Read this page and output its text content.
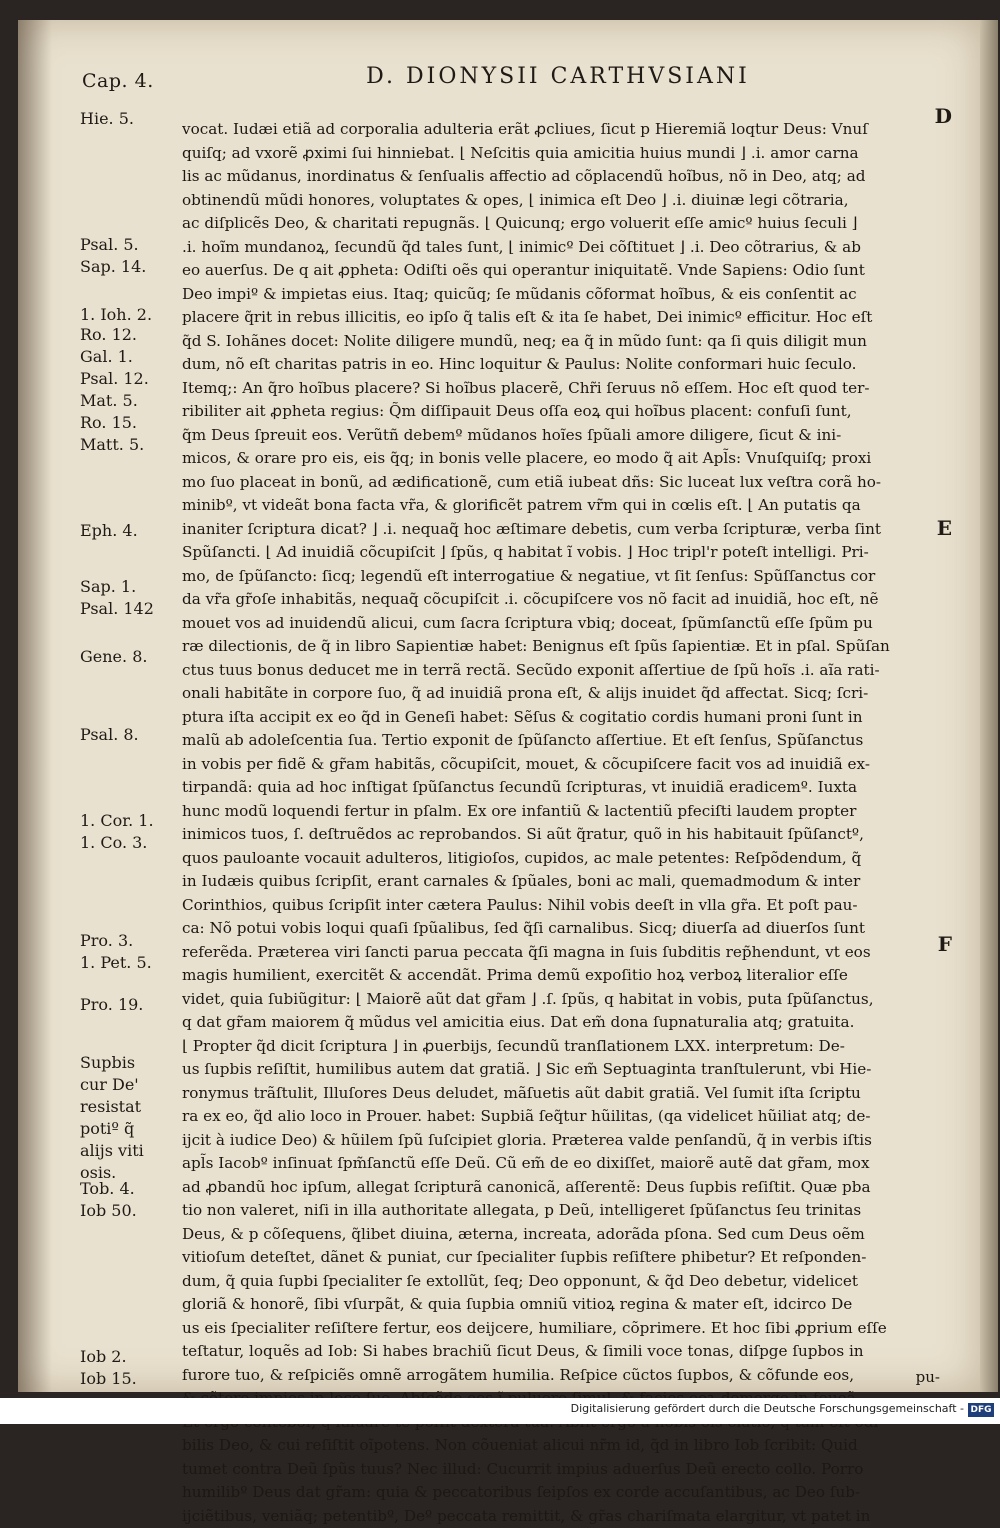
Cap. 4.	D. DIONYSII CARTHVSIANI
D
E
F
Hie. 5.
Psal. 5.
Sap. 14.
1. Ioh. 2.
Ro. 12.
Gal. 1.
Psal. 12.
Mat. 5.
Ro. 15.
Matt. 5.
Eph. 4.
Sap. 1.
Psal. 142
Gene. 8.
Psal. 8.
1. Cor. 1.
1. Co. 3.
Pro. 3.
1. Pet. 5.
Pro. 19.
Supbis cur De' resistat potiº q̃ alijs viti osis.
Tob. 4.
Iob 50.
Iob 2.
Iob 15.
vocat. Iudæi etiã ad corporalia adulteria erãt ꝓcliues, ſicut p Hieremiã loqtur Deus: Vnuſ
quiſq; ad vxorẽ ꝓximi ſui hinniebat. ⌊ Neſcitis quia amicitia huius mundi ⌋ .i. amor carna
lis ac mũdanus, inordinatus & ſenſualis affectio ad cõplacendũ hoĩbus, nõ in Deo, atq; ad
obtinendũ mũdi honores, voluptates & opes, ⌊ inimica eſt Deo ⌋ .i. diuinæ legi cõtraria,
ac diſplicẽs Deo, & charitati repugnãs. ⌊ Quicunq; ergo voluerit eſſe amicº huius ſeculi ⌋
.i. hoĩm mundanoꝝ, ſecundũ q̃d tales ſunt, ⌊ inimicº Dei cõſtituet ⌋ .i. Deo cõtrarius, & ab
eo auerſus. De q ait ꝓpheta: Odiſti oẽs qui operantur iniquitatẽ. Vnde Sapiens: Odio ſunt
Deo impiº & impietas eius. Itaq; quicũq; ſe mũdanis cõformat hoĩbus, & eis conſentit ac
placere q̃rit in rebus illicitis, eo ipſo q̃ talis eſt & ita ſe habet, Dei inimicº efficitur. Hoc eſt
q̃d S. Iohãnes docet: Nolite diligere mundũ, neq; ea q̃ in mũdo ſunt: qa ſi quis diligit mun
dum, nõ eſt charitas patris in eo. Hinc loquitur & Paulus: Nolite conformari huic ſeculo.
Itemq;: An q̃ro hoĩbus placere? Si hoĩbus placerẽ, Chr̃i ſeruus nõ eſſem. Hoc eſt quod ter-
ribiliter ait ꝓpheta regius: Q̃m diſſipauit Deus oſſa eoꝝ qui hoĩbus placent: confuſi ſunt,
q̃m Deus ſpreuit eos. Verũtñ debemº mũdanos hoĩes ſpũali amore diligere, ſicut & ini-
micos, & orare pro eis, eis q̃q; in bonis velle placere, eo modo q̃ ait Apl̃s: Vnuſquiſq; proxi
mo ſuo placeat in bonũ, ad ædificationẽ, cum etiã iubeat dñs: Sic luceat lux veſtra corã ho-
minibº, vt videãt bona facta vr̃a, & glorificẽt patrem vr̃m qui in cœlis eſt. ⌊ An putatis qa
inaniter ſcriptura dicat? ⌋ .i. nequaq̃ hoc æſtimare debetis, cum verba ſcripturæ, verba ſint
Spũſancti. ⌊ Ad inuidiã cõcupiſcit ⌋ ſpũs, q habitat ĩ vobis. ⌋ Hoc tripl'r poteſt intelligi. Pri-
mo, de ſpũſancto: ſicq; legendũ eſt interrogatiue & negatiue, vt ſit ſenſus: Spũſſanctus cor
da vr̃a gr̃oſe inhabitãs, nequaq̃ cõcupiſcit .i. cõcupiſcere vos nõ facit ad inuidiã, hoc eſt, nẽ
mouet vos ad inuidendũ alicui, cum ſacra ſcriptura vbiq; doceat, ſpũmſanctũ eſſe ſpũm pu
ræ dilectionis, de q̃ in libro Sapientiæ habet: Benignus eſt ſpũs ſapientiæ. Et in pſal. Spũſan
ctus tuus bonus deducet me in terrã rectã. Secũdo exponit aſſertiue de ſpũ hoĩs .i. aĩa rati-
onali habitãte in corpore ſuo, q̃ ad inuidiã prona eſt, & alijs inuidet q̃d affectat. Sicq; ſcri-
ptura iſta accipit ex eo q̃d in Geneſi habet: Sẽſus & cogitatio cordis humani proni ſunt in
malũ ab adoleſcentia ſua. Tertio exponit de ſpũſancto aſſertiue. Et eſt ſenſus, Spũſanctus
in vobis per fidẽ & gr̃am habitãs, cõcupiſcit, mouet, & cõcupiſcere facit vos ad inuidiã ex-
tirpandã: quia ad hoc inſtigat ſpũſanctus ſecundũ ſcripturas, vt inuidiã eradicemº. Iuxta
hunc modũ loquendi fertur in pſalm. Ex ore infantiũ & lactentiũ pfeciſti laudem propter
inimicos tuos, ſ. deſtruẽdos ac reprobandos. Si aũt q̃ratur, quõ in his habitauit ſpũſanctº,
quos pauloante vocauit adulteros, litigioſos, cupidos, ac male petentes: Reſpõdendum, q̃
in Iudæis quibus ſcripſit, erant carnales & ſpũales, boni ac mali, quemadmodum & inter
Corinthios, quibus ſcripſit inter cætera Paulus: Nihil vobis deeſt in vlla gr̃a. Et poſt pau-
ca: Nõ potui vobis loqui quaſi ſpũalibus, ſed q̃ſi carnalibus. Sicq; diuerſa ad diuerſos ſunt
referẽda. Præterea viri ſancti parua peccata q̃ſi magna in ſuis ſubditis rep̃hendunt, vt eos
magis humilient, exercitẽt & accendãt. Prima demũ expoſitio hoꝝ verboꝝ literalior eſſe
videt, quia ſubiũgitur: ⌊ Maiorẽ aũt dat gr̃am ⌋ .ſ. ſpũs, q habitat in vobis, puta ſpũſanctus,
q dat gr̃am maiorem q̃ mũdus vel amicitia eius. Dat em̃ dona ſupnaturalia atq; gratuita.
⌊ Propter q̃d dicit ſcriptura ⌋ in ꝓuerbijs, ſecundũ tranſlationem LXX. interpretum: De-
us ſupbis reſiſtit, humilibus autem dat gratiã. ⌋ Sic em̃ Septuaginta tranſtulerunt, vbi Hie-
ronymus trãſtulit, Illuſores Deus deludet, mãſuetis aũt dabit gratiã. Vel ſumit iſta ſcriptu
ra ex eo, q̃d alio loco in Prouer. habet: Supbiã ſeq̃tur hũilitas, (qa videlicet hũiliat atq; de-
ijcit à iudice Deo) & hũilem ſpũ ſuſcipiet gloria. Præterea valde penſandũ, q̃ in verbis iſtis
apl̃s Iacobº inſinuat ſpm̃ſanctũ eſſe Deũ. Cũ em̃ de eo dixiſſet, maiorẽ autẽ dat gr̃am, mox
ad ꝓbandũ hoc ipſum, allegat ſcripturã canonicã, aſſerentẽ: Deus ſupbis reſiſtit. Quæ pba
tio non valeret, niſi in illa authoritate allegata, p Deũ, intelligeret ſpũſanctus ſeu trinitas
Deus, & p cõſequens, q̃libet diuina, æterna, increata, adorãda pſona. Sed cum Deus oẽm
vitioſum deteſtet, dãnet & puniat, cur ſpecialiter ſupbis reſiſtere phibetur? Et reſponden-
dum, q̃ quia ſupbi ſpecialiter ſe extollũt, ſeq; Deo opponunt, & q̃d Deo debetur, videlicet
gloriã & honorẽ, ſibi vſurpãt, & quia ſupbia omniũ vitioꝝ regina & mater eſt, idcirco De
us eis ſpecialiter reſiſtere fertur, eos deijcere, humiliare, cõprimere. Et hoc ſibi ꝓprium eſſe
teſtatur, loquẽs ad Iob: Si habes brachiũ ſicut Deus, & ſimili voce tonas, diſpge ſupbos in
furore tuo, & reſpiciẽs omnẽ arrogãtem humilia. Reſpice cũctos ſupbos, & cõfunde eos,
bilis Deo, & cui reſiſtit oĩpotens. Non cõueniat alicui nr̃m id, q̃d in libro Iob ſcribit: Quid
tumet contra Deũ ſpũs tuus? Nec illud: Cucurrit impius aduerſus Deũ erecto collo. Porro
humilibº Deus dat gr̃am: quia & peccatoribus ſeipſos ex corde accuſantibus, ac Deo ſub-
ijciẽtibus, veniãq; petentibº, Deº peccata remittit, & gr̃as chariſmata elargitur, vt patet in
pu-
Digitalisierung gefördert durch die Deutsche Forschungsgemeinschaft - DFG
